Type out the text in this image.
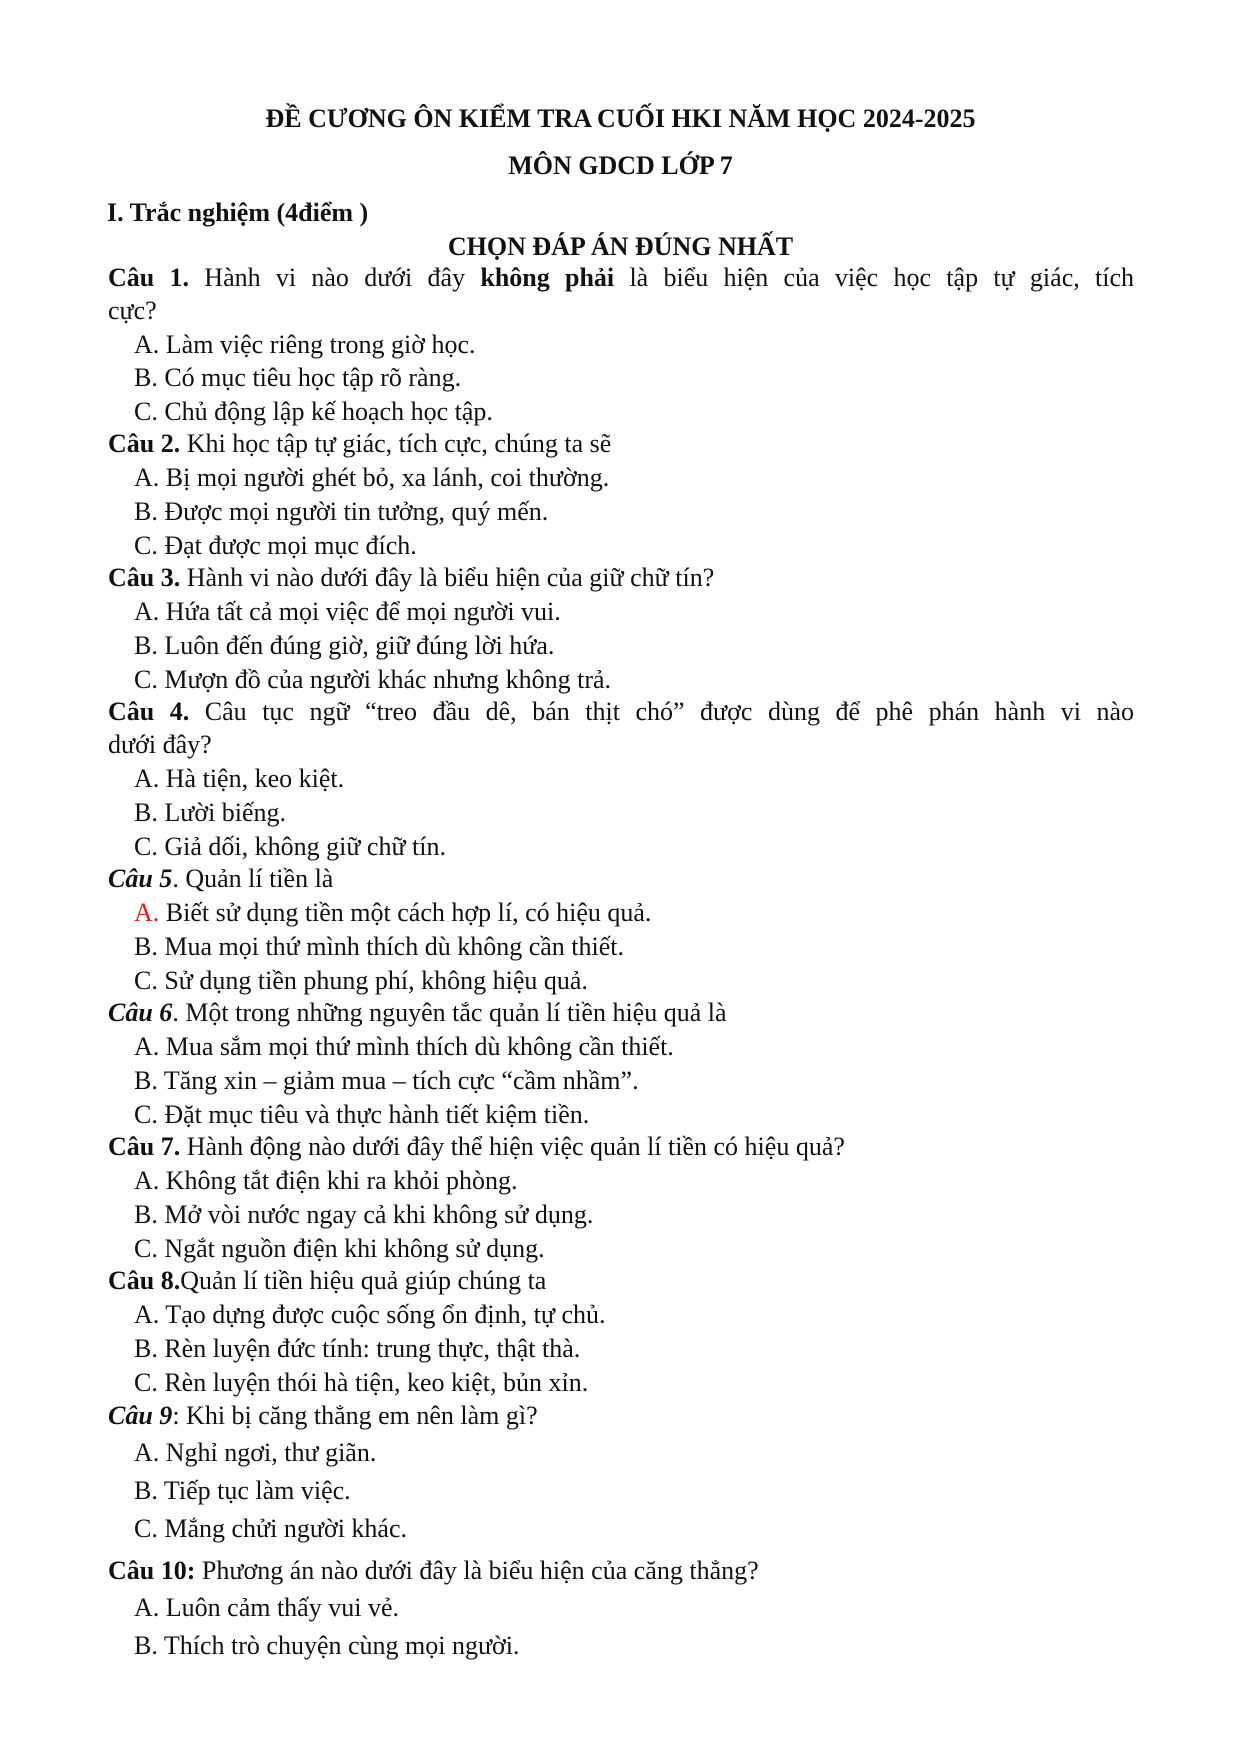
ĐỀ CƯƠNG ÔN KIỂM TRA CUỐI HKI NĂM HỌC 2024-2025
MÔN GDCD LỚP 7
I. Trắc nghiệm (4điểm )
CHỌN ĐÁP ÁN ĐÚNG NHẤT
Câu 1. Hành vi nào dưới đây không phải là biểu hiện của việc học tập tự giác, tích
cực?
A. Làm việc riêng trong giờ học.
B. Có mục tiêu học tập rõ ràng.
C. Chủ động lập kế hoạch học tập.
Câu 2. Khi học tập tự giác, tích cực, chúng ta sẽ
A. Bị mọi người ghét bỏ, xa lánh, coi thường.
B. Được mọi người tin tưởng, quý mến.
C. Đạt được mọi mục đích.
Câu 3. Hành vi nào dưới đây là biểu hiện của giữ chữ tín?
A. Hứa tất cả mọi việc để mọi người vui.
B. Luôn đến đúng giờ, giữ đúng lời hứa.
C. Mượn đồ của người khác nhưng không trả.
Câu 4. Câu tục ngữ “treo đầu dê, bán thịt chó” được dùng để phê phán hành vi nào
dưới đây?
A. Hà tiện, keo kiệt.
B. Lười biếng.
C. Giả dối, không giữ chữ tín.
Câu 5. Quản lí tiền là
A. Biết sử dụng tiền một cách hợp lí, có hiệu quả.
B. Mua mọi thứ mình thích dù không cần thiết.
C. Sử dụng tiền phung phí, không hiệu quả.
Câu 6. Một trong những nguyên tắc quản lí tiền hiệu quả là
A. Mua sắm mọi thứ mình thích dù không cần thiết.
B. Tăng xin – giảm mua – tích cực “cầm nhầm”.
C. Đặt mục tiêu và thực hành tiết kiệm tiền.
Câu 7. Hành động nào dưới đây thể hiện việc quản lí tiền có hiệu quả?
A. Không tắt điện khi ra khỏi phòng.
B. Mở vòi nước ngay cả khi không sử dụng.
C. Ngắt nguồn điện khi không sử dụng.
Câu 8.Quản lí tiền hiệu quả giúp chúng ta
A. Tạo dựng được cuộc sống ổn định, tự chủ.
B. Rèn luyện đức tính: trung thực, thật thà.
C. Rèn luyện thói hà tiện, keo kiệt, bủn xỉn.
Câu 9: Khi bị căng thẳng em nên làm gì?
A. Nghỉ ngơi, thư giãn.
B. Tiếp tục làm việc.
C. Mắng chửi người khác.
Câu 10: Phương án nào dưới đây là biểu hiện của căng thẳng?
A. Luôn cảm thấy vui vẻ.
B. Thích trò chuyện cùng mọi người.
